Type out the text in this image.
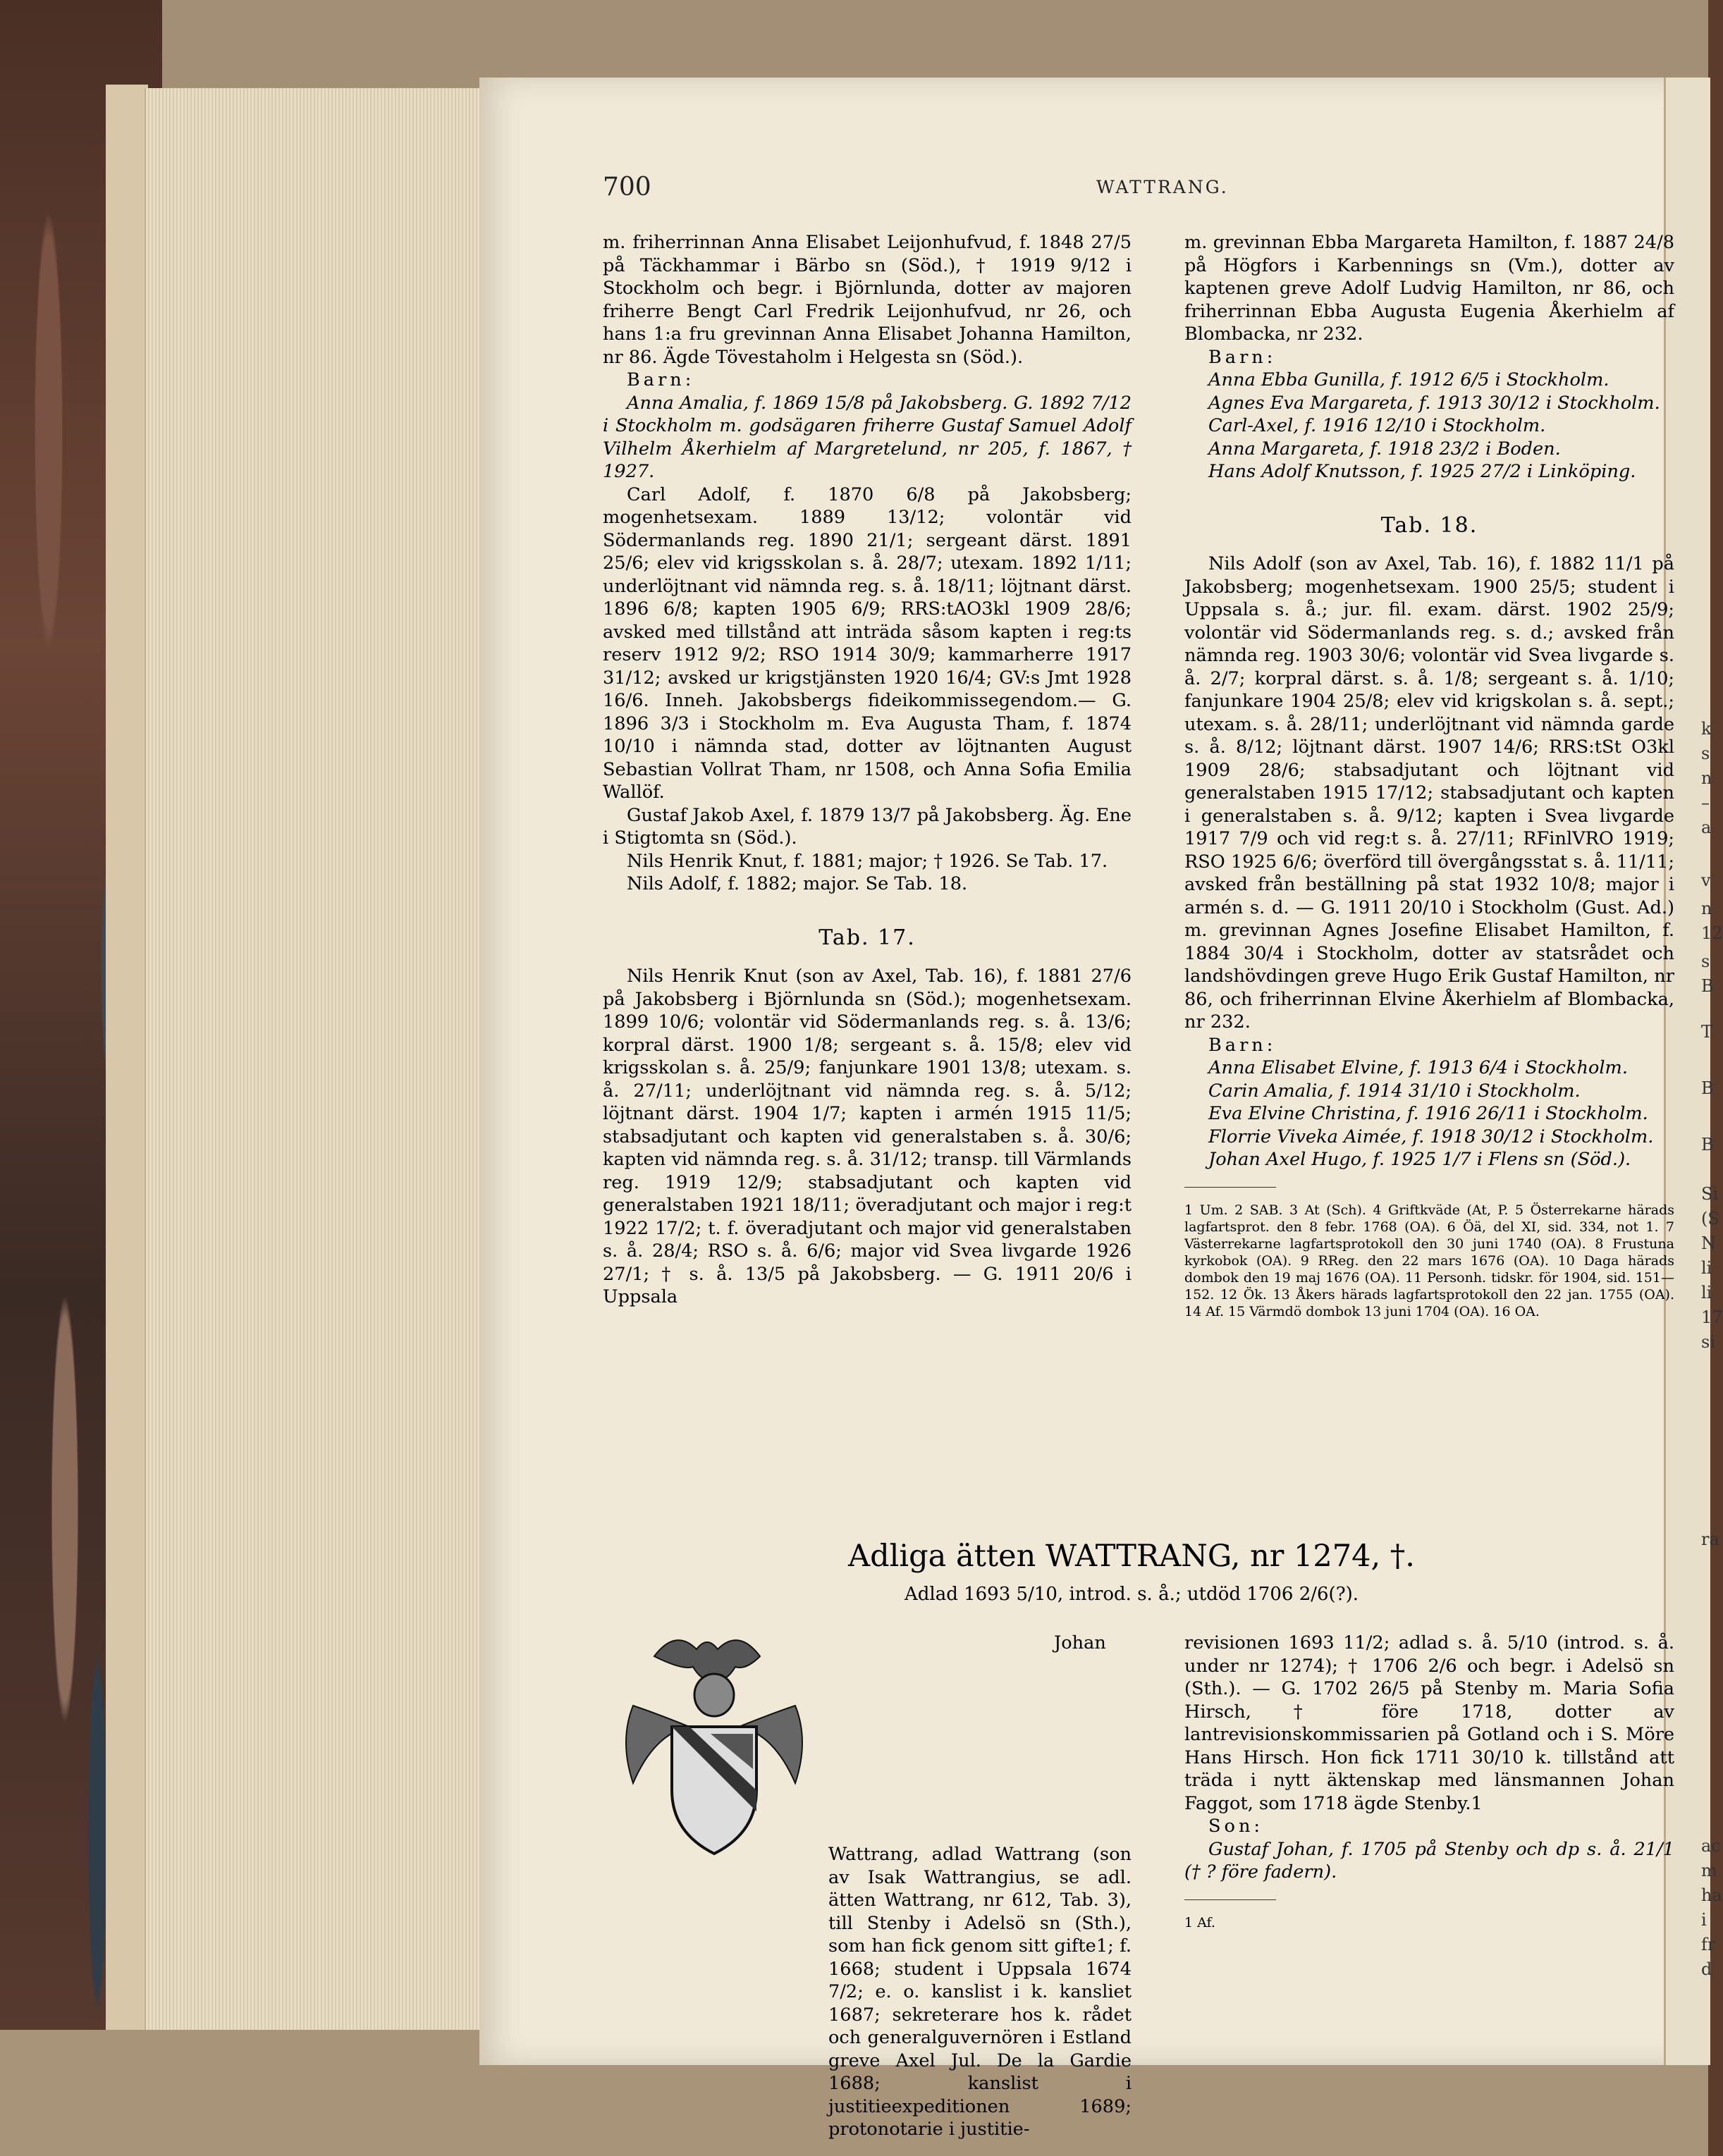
k
s
n
–
a
v
n
12
s
B
T
B
B
Si
(S
N
li
li
17
si
ra
ac
m
ha
i
fr
d
700	WATTRANG.

m. friherrinnan Anna Elisabet Leijonhufvud, f. 1848 27/5 på Täckhammar i Bärbo sn (Söd.), † 1919 9/12 i Stockholm och begr. i Björnlunda, dotter av majoren friherre Bengt Carl Fredrik Leijonhufvud, nr 26, och hans 1:a fru grevinnan Anna Elisabet Johanna Hamilton, nr 86. Ägde Tövestaholm i Helgesta sn (Söd.).

Barn:

Anna Amalia, f. 1869 15/8 på Jakobsberg. G. 1892 7/12 i Stockholm m. godsägaren friherre Gustaf Samuel Adolf Vilhelm Åkerhielm af Margretelund, nr 205, f. 1867, † 1927.

Carl Adolf, f. 1870 6/8 på Jakobsberg; mogenhetsexam. 1889 13/12; volontär vid Södermanlands reg. 1890 21/1; sergeant därst. 1891 25/6; elev vid krigsskolan s. å. 28/7; utexam. 1892 1/11; underlöjtnant vid nämnda reg. s. å. 18/11; löjtnant därst. 1896 6/8; kapten 1905 6/9; RRS:tAO3kl 1909 28/6; avsked med tillstånd att inträda såsom kapten i reg:ts reserv 1912 9/2; RSO 1914 30/9; kammarherre 1917 31/12; avsked ur krigstjänsten 1920 16/4; GV:s Jmt 1928 16/6. Inneh. Jakobsbergs fideikommissegendom.— G. 1896 3/3 i Stockholm m. Eva Augusta Tham, f. 1874 10/10 i nämnda stad, dotter av löjtnanten August Sebastian Vollrat Tham, nr 1508, och Anna Sofia Emilia Wallöf.

Gustaf Jakob Axel, f. 1879 13/7 på Jakobsberg. Äg. Ene i Stigtomta sn (Söd.).

Nils Henrik Knut, f. 1881; major; † 1926. Se Tab. 17.

Nils Adolf, f. 1882; major. Se Tab. 18.

Tab. 17.

Nils Henrik Knut (son av Axel, Tab. 16), f. 1881 27/6 på Jakobsberg i Björnlunda sn (Söd.); mogenhetsexam. 1899 10/6; volontär vid Södermanlands reg. s. å. 13/6; korpral därst. 1900 1/8; sergeant s. å. 15/8; elev vid krigsskolan s. å. 25/9; fanjunkare 1901 13/8; utexam. s. å. 27/11; underlöjtnant vid nämnda reg. s. å. 5/12; löjtnant därst. 1904 1/7; kapten i armén 1915 11/5; stabsadjutant och kapten vid generalstaben s. å. 30/6; kapten vid nämnda reg. s. å. 31/12; transp. till Värmlands reg. 1919 12/9; stabsadjutant och kapten vid generalstaben 1921 18/11; överadjutant och major i reg:t 1922 17/2; t. f. överadjutant och major vid generalstaben s. å. 28/4; RSO s. å. 6/6; major vid Svea livgarde 1926 27/1; † s. å. 13/5 på Jakobsberg. — G. 1911 20/6 i Uppsala

m. grevinnan Ebba Margareta Hamilton, f. 1887 24/8 på Högfors i Karbennings sn (Vm.), dotter av kaptenen greve Adolf Ludvig Hamilton, nr 86, och friherrinnan Ebba Augusta Eugenia Åkerhielm af Blombacka, nr 232.

Barn:

Anna Ebba Gunilla, f. 1912 6/5 i Stockholm.

Agnes Eva Margareta, f. 1913 30/12 i Stockholm.

Carl-Axel, f. 1916 12/10 i Stockholm.

Anna Margareta, f. 1918 23/2 i Boden.

Hans Adolf Knutsson, f. 1925 27/2 i Linköping.

Tab. 18.

Nils Adolf (son av Axel, Tab. 16), f. 1882 11/1 på Jakobsberg; mogenhetsexam. 1900 25/5; student i Uppsala s. å.; jur. fil. exam. därst. 1902 25/9; volontär vid Södermanlands reg. s. d.; avsked från nämnda reg. 1903 30/6; volontär vid Svea livgarde s. å. 2/7; korpral därst. s. å. 1/8; sergeant s. å. 1/10; fanjunkare 1904 25/8; elev vid krigskolan s. å. sept.; utexam. s. å. 28/11; underlöjtnant vid nämnda garde s. å. 8/12; löjtnant därst. 1907 14/6; RRS:tSt O3kl 1909 28/6; stabsadjutant och löjtnant vid generalstaben 1915 17/12; stabsadjutant och kapten i generalstaben s. å. 9/12; kapten i Svea livgarde 1917 7/9 och vid reg:t s. å. 27/11; RFinlVRO 1919; RSO 1925 6/6; överförd till övergångsstat s. å. 11/11; avsked från beställning på stat 1932 10/8; major i armén s. d. — G. 1911 20/10 i Stockholm (Gust. Ad.) m. grevinnan Agnes Josefine Elisabet Hamilton, f. 1884 30/4 i Stockholm, dotter av statsrådet och landshövdingen greve Hugo Erik Gustaf Hamilton, nr 86, och friherrinnan Elvine Åkerhielm af Blombacka, nr 232.

Barn:

Anna Elisabet Elvine, f. 1913 6/4 i Stockholm.

Carin Amalia, f. 1914 31/10 i Stockholm.

Eva Elvine Christina, f. 1916 26/11 i Stockholm.

Florrie Viveka Aimée, f. 1918 30/12 i Stockholm.

Johan Axel Hugo, f. 1925 1/7 i Flens sn (Söd.).

1 Um. 2 SAB. 3 At (Sch). 4 Griftkväde (At, P. 5 Österrekarne härads lagfartsprot. den 8 febr. 1768 (OA). 6 Öä, del XI, sid. 334, not 1. 7 Västerrekarne lagfartsprotokoll den 30 juni 1740 (OA). 8 Frustuna kyrkobok (OA). 9 RReg. den 22 mars 1676 (OA). 10 Daga härads dombok den 19 maj 1676 (OA). 11 Personh. tidskr. för 1904, sid. 151—152. 12 Ök. 13 Åkers härads lagfartsprotokoll den 22 jan. 1755 (OA). 14 Af. 15 Värmdö dombok 13 juni 1704 (OA). 16 OA.

Adliga ätten WATTRANG, nr 1274, †.
Adlad 1693 5/10, introd. s. å.; utdöd 1706 2/6(?).

Johan Wattrang, adlad Wattrang (son av Isak Wattrangius, se adl. ätten Wattrang, nr 612, Tab. 3), till Stenby i Adelsö sn (Sth.), som han fick genom sitt gifte1; f. 1668; student i Uppsala 1674 7/2; e. o. kanslist i k. kansliet 1687; sekreterare hos k. rådet och generalguvernören i Estland greve Axel Jul. De la Gardie 1688; kanslist i justitieexpeditionen 1689; protonotarie i justitie-

revisionen 1693 11/2; adlad s. å. 5/10 (introd. s. å. under nr 1274); † 1706 2/6 och begr. i Adelsö sn (Sth.). — G. 1702 26/5 på Stenby m. Maria Sofia Hirsch, † före 1718, dotter av lantrevisionskommissarien på Gotland och i S. Möre Hans Hirsch. Hon fick 1711 30/10 k. tillstånd att träda i nytt äktenskap med länsmannen Johan Faggot, som 1718 ägde Stenby.1

Son:

Gustaf Johan, f. 1705 på Stenby och dp s. å. 21/1 († ? före fadern).

1 Af.
